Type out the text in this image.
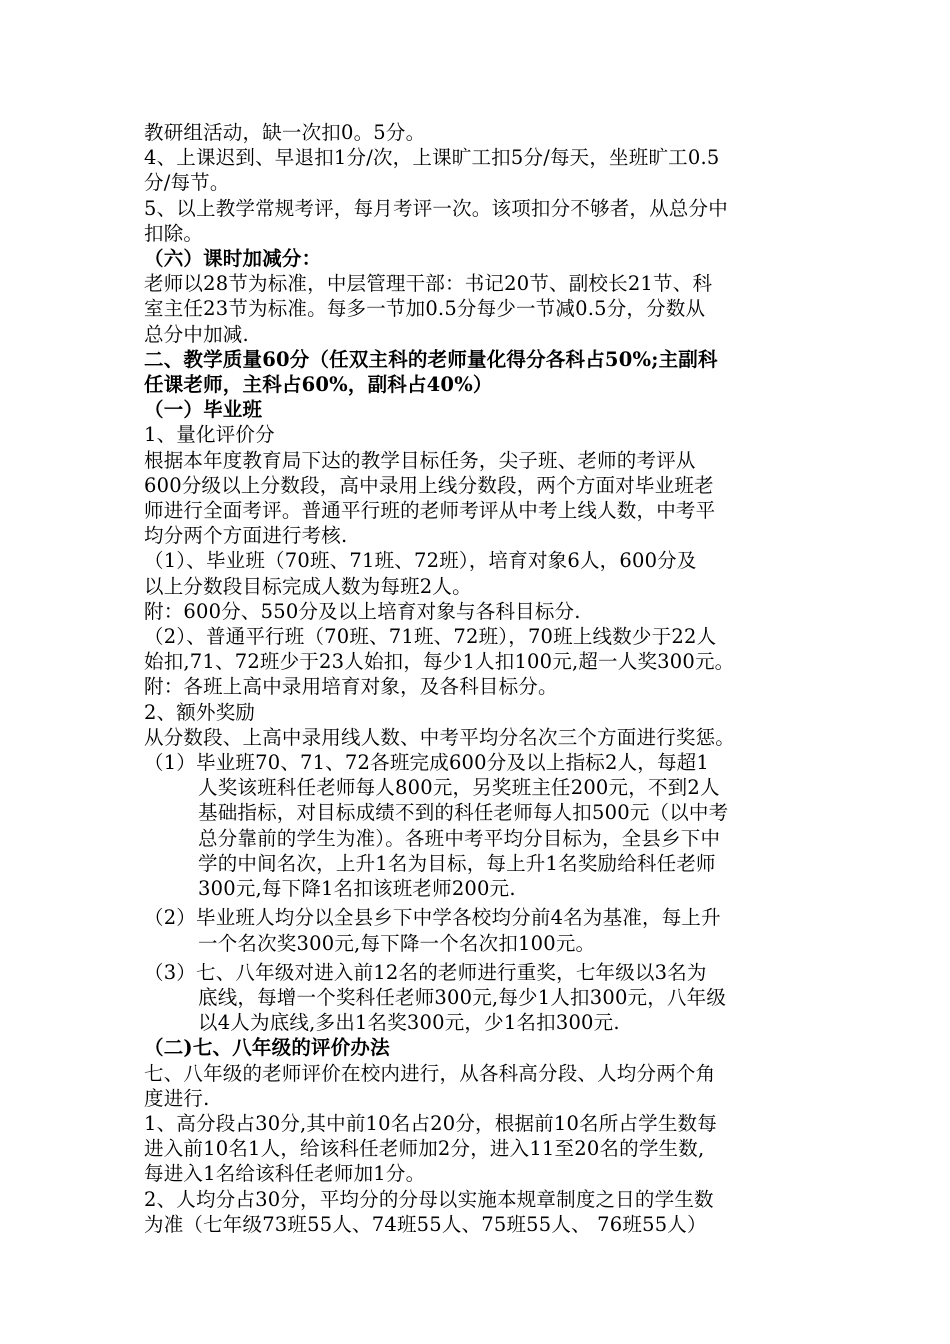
教研组活动，缺一次扣0。5分。
4、上课迟到、早退扣1分/次，上课旷工扣5分/每天，坐班旷工0.5
分/每节。
5、以上教学常规考评，每月考评一次。该项扣分不够者，从总分中
扣除。
（六）课时加减分：
老师以28节为标准，中层管理干部：书记20节、副校长21节、科
室主任23节为标准。每多一节加0.5分每少一节减0.5分，分数从
总分中加减.
二、教学质量60分（任双主科的老师量化得分各科占50%;主副科
任课老师，主科占60%，副科占40%）
（一）毕业班
1、量化评价分
根据本年度教育局下达的教学目标任务，尖子班、老师的考评从
600分级以上分数段，高中录用上线分数段，两个方面对毕业班老
师进行全面考评。普通平行班的老师考评从中考上线人数，中考平
均分两个方面进行考核.
（1）、毕业班（70班、71班、72班），培育对象6人，600分及
以上分数段目标完成人数为每班2人。
附：600分、550分及以上培育对象与各科目标分.
（2）、普通平行班（70班、71班、72班），70班上线数少于22人
始扣,71、72班少于23人始扣，每少1人扣100元,超一人奖300元。
附：各班上高中录用培育对象，及各科目标分。
2、额外奖励
从分数段、上高中录用线人数、中考平均分名次三个方面进行奖惩。
（1）毕业班70、71、72各班完成600分及以上指标2人，每超1
人奖该班科任老师每人800元，另奖班主任200元，不到2人
基础指标，对目标成绩不到的科任老师每人扣500元（以中考
总分靠前的学生为准）。各班中考平均分目标为，全县乡下中
学的中间名次，上升1名为目标，每上升1名奖励给科任老师
300元,每下降1名扣该班老师200元.
（2）毕业班人均分以全县乡下中学各校均分前4名为基准，每上升
一个名次奖300元,每下降一个名次扣100元。
（3）七、八年级对进入前12名的老师进行重奖，七年级以3名为
底线，每增一个奖科任老师300元,每少1人扣300元，八年级
以4人为底线,多出1名奖300元，少1名扣300元.
（二)七、八年级的评价办法
七、八年级的老师评价在校内进行，从各科高分段、人均分两个角
度进行.
1、高分段占30分,其中前10名占20分，根据前10名所占学生数每
进入前10名1人，给该科任老师加2分，进入11至20名的学生数,
每进入1名给该科任老师加1分。
2、人均分占30分，平均分的分母以实施本规章制度之日的学生数
为准（七年级73班55人、74班55人、75班55人、 76班55人）
